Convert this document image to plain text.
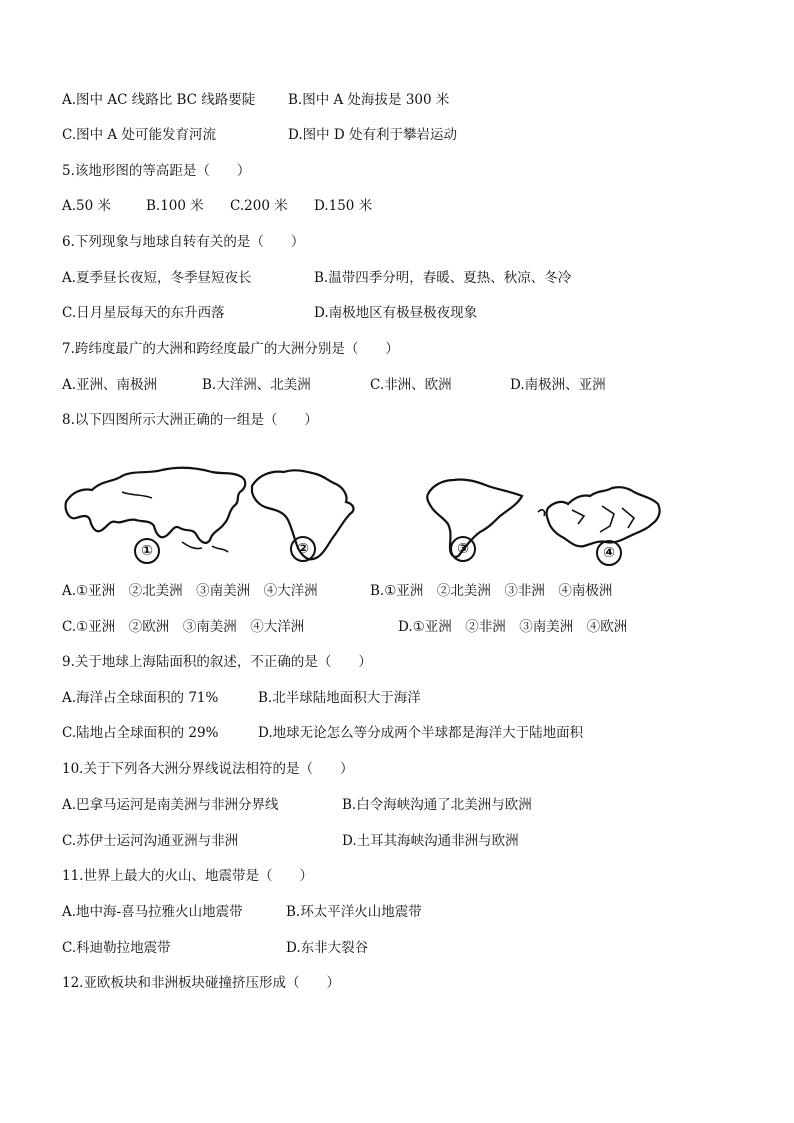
A.图中 AC 线路比 BC 线路要陡 B.图中 A 处海拔是 300 米
C.图中 A 处可能发育河流	D.图中 D 处有利于攀岩运动
5.该地形图的等高距是（　　）
A.50 米	B.100 米 C.200 米 D.150 米
6.下列现象与地球自转有关的是（　　）
A.夏季昼长夜短，冬季昼短夜长	B.温带四季分明，春暖、夏热、秋凉、冬冷
C.日月星辰每天的东升西落	D.南极地区有极昼极夜现象
7.跨纬度最广的大洲和跨经度最广的大洲分别是（　　）
A.亚洲、南极洲	B.大洋洲、北美洲	C.非洲、欧洲	D.南极洲、亚洲
8.以下四图所示大洲正确的一组是（　　）
①	②	③	④
A.①亚洲　②北美洲　③南美洲　④大洋洲	B.①亚洲　②北美洲　③非洲　④南极洲
C.①亚洲　②欧洲　③南美洲　④大洋洲	D.①亚洲　②非洲　③南美洲　④欧洲
9.关于地球上海陆面积的叙述，不正确的是（　　）
A.海洋占全球面积的 71%	B.北半球陆地面积大于海洋
C.陆地占全球面积的 29%	D.地球无论怎么等分成两个半球都是海洋大于陆地面积
10.关于下列各大洲分界线说法相符的是（　　）
A.巴拿马运河是南美洲与非洲分界线	B.白令海峡沟通了北美洲与欧洲
C.苏伊士运河沟通亚洲与非洲	D.土耳其海峡沟通非洲与欧洲
11.世界上最大的火山、地震带是（　　）
A.地中海-喜马拉雅火山地震带	B.环太平洋火山地震带
C.科迪勒拉地震带	D.东非大裂谷
12.亚欧板块和非洲板块碰撞挤压形成（　　）
